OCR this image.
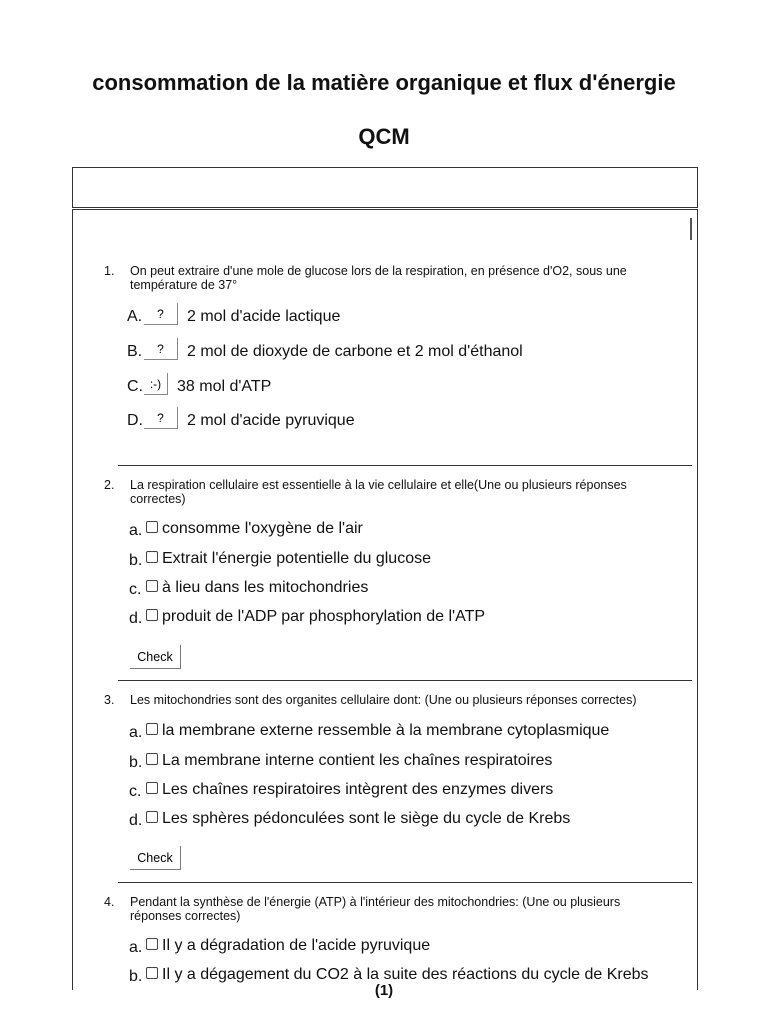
consommation de la matière organique et flux d'énergie
QCM
1. On peut extraire d'une mole de glucose lors de la respiration, en présence d'O2, sous une température de 37°
A.	?	2 mol d'acide lactique
B.	?	2 mol de dioxyde de carbone et 2 mol d'éthanol
C. :-) 38 mol d'ATP
D.	?	2 mol d'acide pyruvique
2. La respiration cellulaire est essentielle à la vie cellulaire et elle(Une ou plusieurs réponses correctes)
a. consomme l'oxygène de l'air
b. Extrait l'énergie potentielle du glucose
c. à lieu dans les mitochondries
d. produit de l'ADP par phosphorylation de l'ATP
Check
3. Les mitochondries sont des organites cellulaire dont: (Une ou plusieurs réponses correctes)
a. la membrane externe ressemble à la membrane cytoplasmique
b. La membrane interne contient les chaînes respiratoires
c. Les chaînes respiratoires intègrent des enzymes divers
d. Les sphères pédonculées sont le siège du cycle de Krebs
Check
4. Pendant la synthèse de l'énergie (ATP) à l'intérieur des mitochondries: (Une ou plusieurs réponses correctes)
a. Il y a dégradation de l'acide pyruvique
b. Il y a dégagement du CO2 à la suite des réactions du cycle de Krebs
(1)
